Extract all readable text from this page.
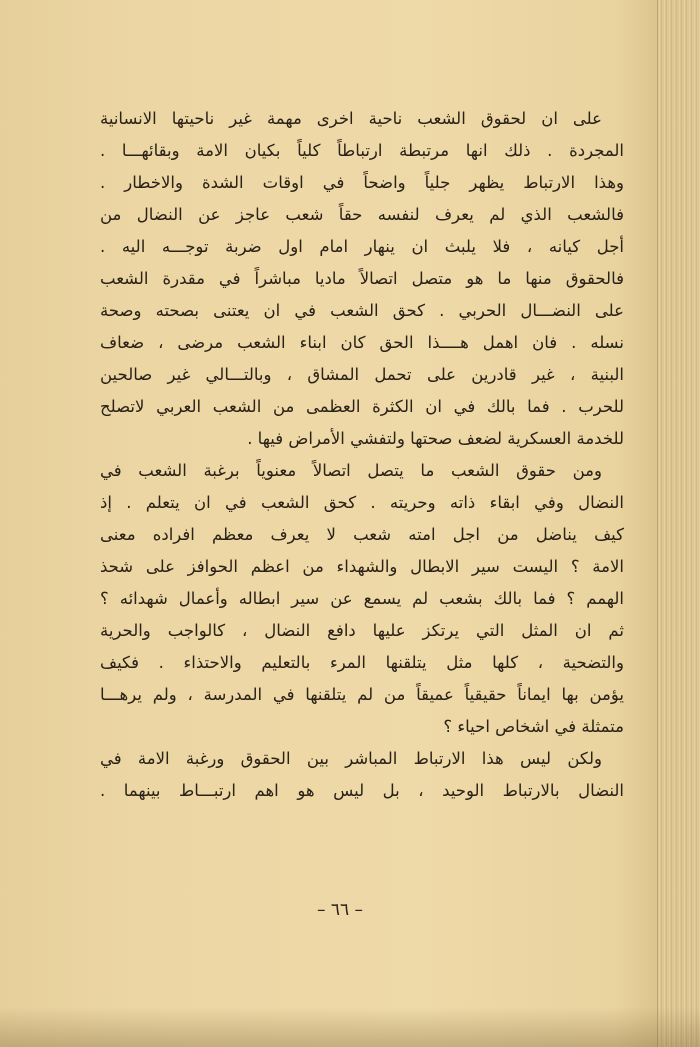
على ان لحقوق الشعب ناحية اخرى مهمة غير ناحيتها الانسانية
المجردة . ذلك انها مرتبطة ارتباطاً كلياً بكيان الامة وبقائهـــا .
وهذا الارتباط يظهر جلياً واضحاً في اوقات الشدة والاخطار .
فالشعب الذي لم يعرف لنفسه حقاً شعب عاجز عن النضال من
أجل كيانه ، فلا يلبث ان ينهار امام اول ضربة توجـــه اليه .
فالحقوق منها ما هو متصل اتصالاً ماديا مباشراً في مقدرة الشعب
على النضـــال الحربي . كحق الشعب في ان يعتنى بصحته وصحة
نسله . فان اهمل هــــذا الحق كان ابناء الشعب مرضى ، ضعاف
البنية ، غير قادرين على تحمل المشاق ، وبالتـــالي غير صالحين
للحرب . فما بالك في ان الكثرة العظمى من الشعب العربي لاتصلح
للخدمة العسكرية لضعف صحتها ولتفشي الأمراض فيها .

ومن حقوق الشعب ما يتصل اتصالاً معنوياً برغبة الشعب في
النضال وفي ابقاء ذاته وحريته . كحق الشعب في ان يتعلم . إذ
كيف يناضل من اجل امته شعب لا يعرف معظم افراده معنى
الامة ؟ اليست سير الابطال والشهداء من اعظم الحوافز على شحذ
الهمم ؟ فما بالك بشعب لم يسمع عن سير ابطاله وأعمال شهدائه ؟
ثم ان المثل التي يرتكز عليها دافع النضال ، كالواجب والحرية
والتضحية ، كلها مثل يتلقنها المرء بالتعليم والاحتذاء . فكيف
يؤمن بها ايماناً حقيقياً عميقاً من لم يتلقنها في المدرسة ، ولم يرهـــا
متمثلة في اشخاص احياء ؟

ولكن ليس هذا الارتباط المباشر بين الحقوق ورغبة الامة في
النضال بالارتباط الوحيد ، بل ليس هو اهم ارتبـــاط بينهما .

– ٦٦ –
